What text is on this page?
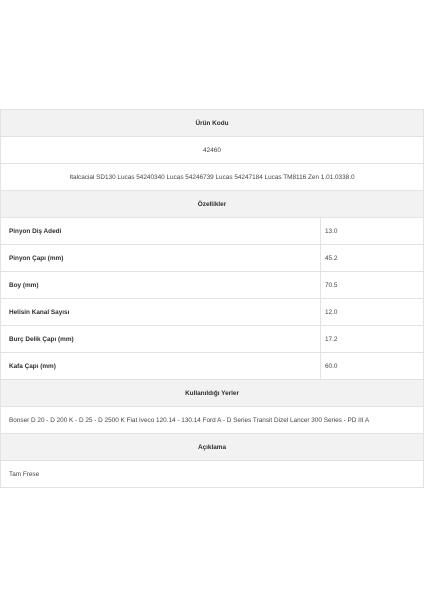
Ürün Kodu	
42460	
Italcacial SD130 Lucas 54240340 Lucas 54246739 Lucas 54247184 Lucas TM8116 Zen 1.01.0338.0	
Özellikler	
Pinyon Diş Adedi	13.0
Pinyon Çapı (mm)	45.2
Boy (mm)	70.5
Helisin Kanal Sayısı	12.0
Burç Delik Çapı (mm)	17.2
Kafa Çapı (mm)	60.0
Kullanıldığı Yerler	
Bonser D 20 - D 200 K - D 25 - D 2500 K Fiat Iveco 120.14 - 130.14 Ford A - D Series Transit Dizel Lancer 300 Series - PD III A	
Açıklama	
Tam Frese	
